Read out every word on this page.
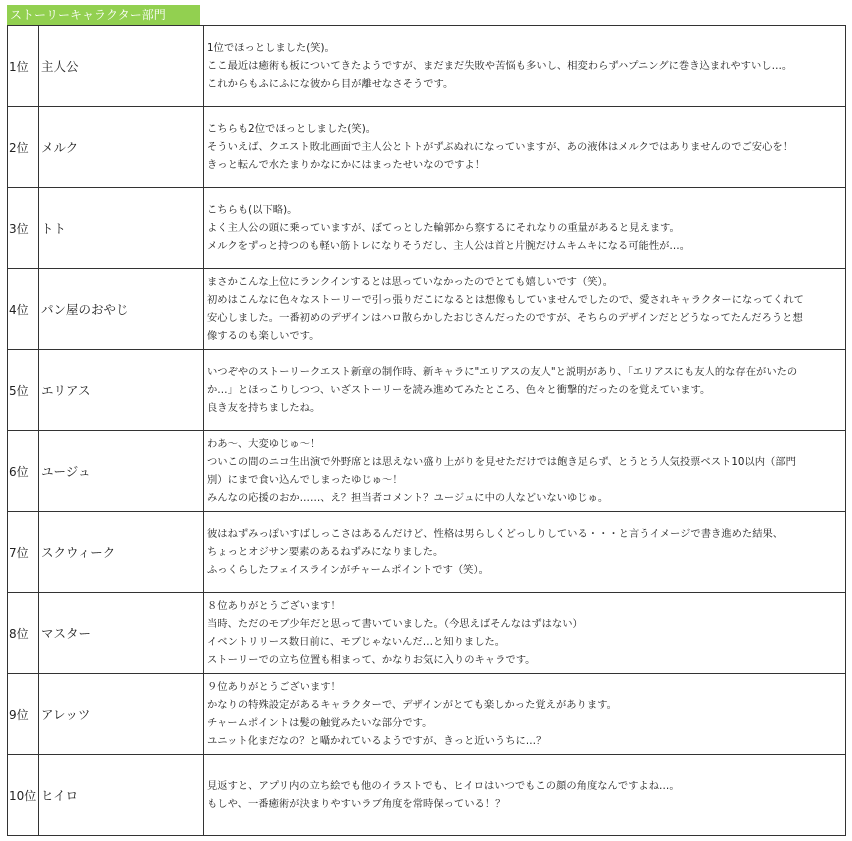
ストーリーキャラクター部門
1位	主人公	1位でほっとしました(笑)。
ここ最近は癒術も板についてきたようですが、まだまだ失敗や苦悩も多いし、相変わらずハプニングに巻き込まれやすいし…。
これからもふにふにな彼から目が離せなさそうです。

2位	メルク	こちらも2位でほっとしました(笑)。
そういえば、クエスト敗北画面で主人公とトトがずぶぬれになっていますが、あの液体はメルクではありませんのでご安心を！
きっと転んで水たまりかなにかにはまったせいなのですよ！

3位	トト	こちらも(以下略)。
よく主人公の頭に乗っていますが、ぼてっとした輪郭から察するにそれなりの重量があると見えます。
メルクをずっと持つのも軽い筋トレになりそうだし、主人公は首と片腕だけムキムキになる可能性が…。

4位	パン屋のおやじ	まさかこんな上位にランクインするとは思っていなかったのでとても嬉しいです（笑）。
初めはこんなに色々なストーリーで引っ張りだこになるとは想像もしていませんでしたので、愛されキャラクターになってくれて
安心しました。一番初めのデザインはハロ散らかしたおじさんだったのですが、そちらのデザインだとどうなってたんだろうと想
像するのも楽しいです。

5位	エリアス	いつぞやのストーリークエスト新章の制作時、新キャラに"エリアスの友人"と説明があり、「エリアスにも友人的な存在がいたの
か…」とほっこりしつつ、いざストーリーを読み進めてみたところ、色々と衝撃的だったのを覚えています。
良き友を持ちましたね。

6位	ユージュ	わあ～、大変ゆじゅ～！
ついこの間のニコ生出演で外野席とは思えない盛り上がりを見せただけでは飽き足らず、とうとう人気投票ベスト10以内（部門
別）にまで食い込んでしまったゆじゅ～！
みんなの応援のおか……、え？担当者コメント？ユージュに中の人などいないゆじゅ。

7位	スクウィーク	彼はねずみっぽいすばしっこさはあるんだけど、性格は男らしくどっしりしている・・・と言うイメージで書き進めた結果、
ちょっとオジサン要素のあるねずみになりました。
ふっくらしたフェイスラインがチャームポイントです（笑）。

8位	マスター	８位ありがとうございます！
当時、ただのモブ少年だと思って書いていました。（今思えばそんなはずはない）
イベントリリース数日前に、モブじゃないんだ…と知りました。
ストーリーでの立ち位置も相まって、かなりお気に入りのキャラです。

9位	アレッツ	９位ありがとうございます！
かなりの特殊設定があるキャラクターで、デザインがとても楽しかった覚えがあります。
チャームポイントは髪の触覚みたいな部分です。
ユニット化まだなの？と囁かれているようですが、きっと近いうちに…？

10位	ヒイロ	見返すと、アプリ内の立ち絵でも他のイラストでも、ヒイロはいつでもこの顔の角度なんですよね…。
もしや、一番癒術が決まりやすいラブ角度を常時保っている！？
